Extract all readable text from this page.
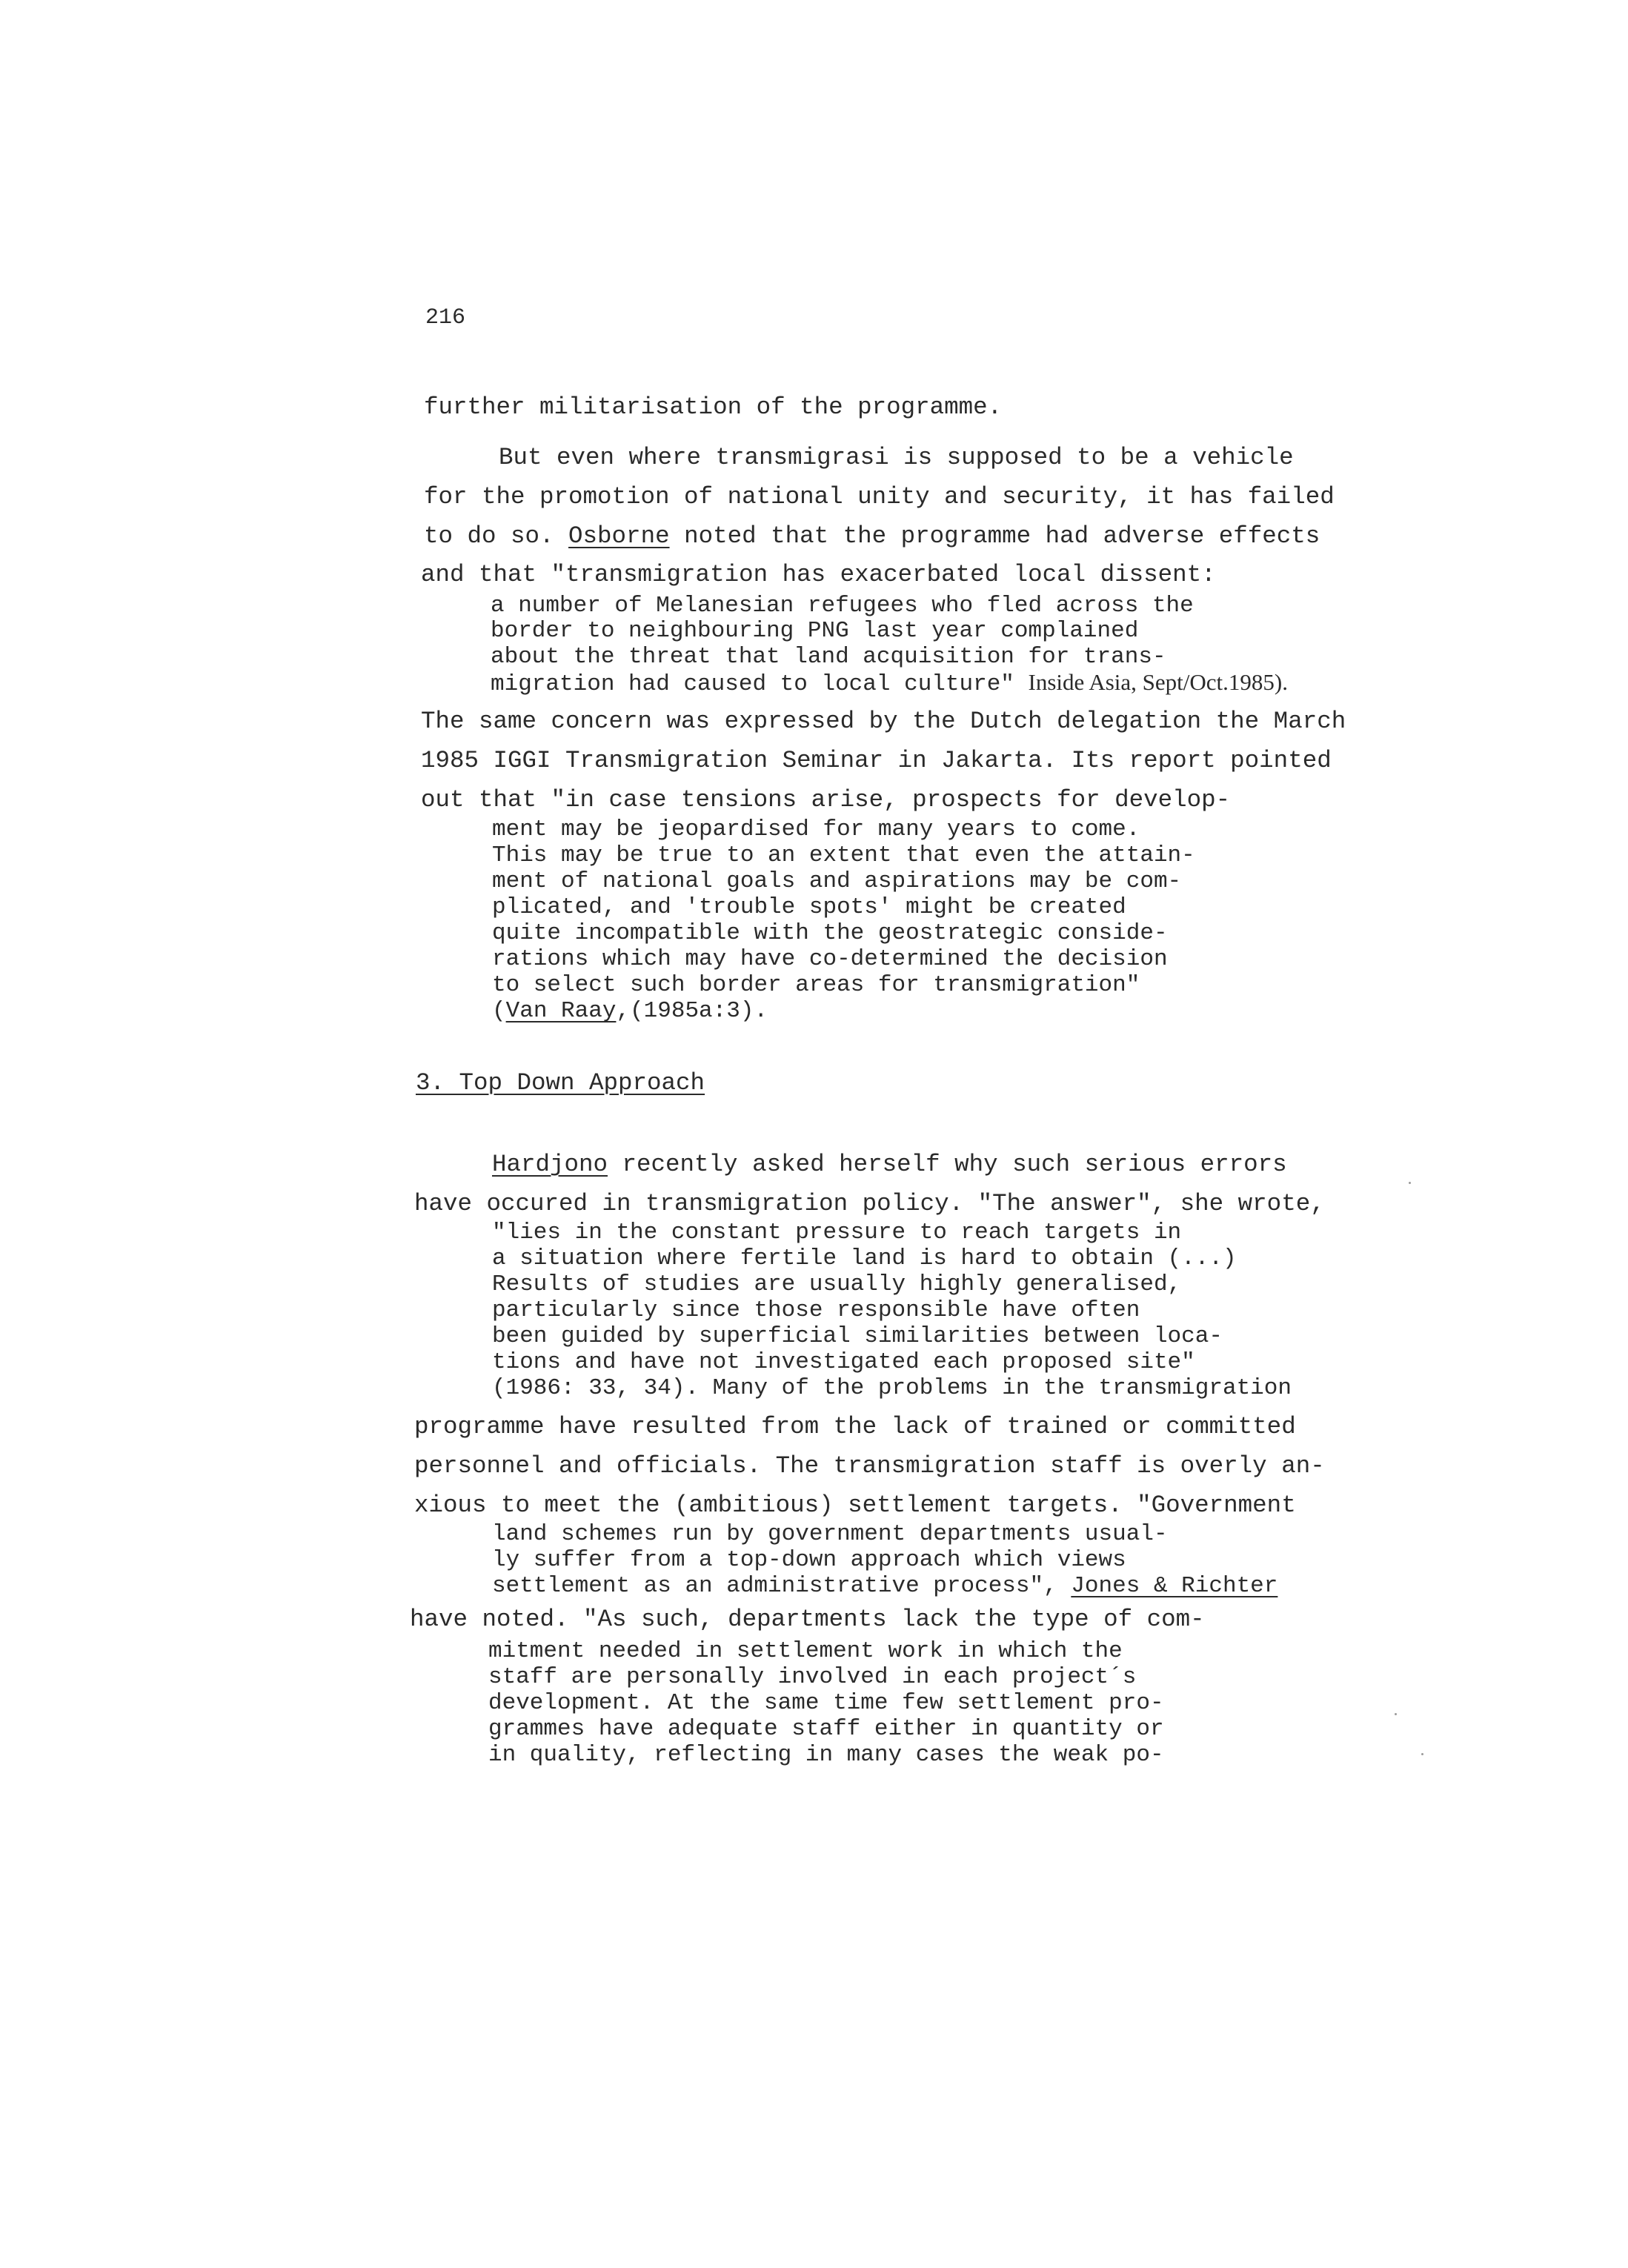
216

further militarisation of the programme.

But even where transmigrasi is supposed to be a vehicle

for the promotion of national unity and security, it has failed

to do so. Osborne noted that the programme had adverse effects

and that "transmigration has exacerbated local dissent:

a number of Melanesian refugees who fled across the

border to neighbouring PNG last year complained

about the threat that land acquisition for trans-

migration had caused to local culture" Inside Asia, Sept/Oct.1985).

The same concern was expressed by the Dutch delegation the March

1985 IGGI Transmigration Seminar in Jakarta. Its report pointed

out that "in case tensions arise, prospects for develop-

ment may be jeopardised for many years to come.

This may be true to an extent that even the attain-

ment of national goals and aspirations may be com-

plicated, and 'trouble spots' might be created

quite incompatible with the geostrategic conside-

rations which may have co-determined the decision

to select such border areas for transmigration"

(Van Raay,(1985a:3).

3. Top Down Approach

Hardjono recently asked herself why such serious errors

have occured in transmigration policy. "The answer", she wrote,

"lies in the constant pressure to reach targets in

a situation where fertile land is hard to obtain (...)

Results of studies are usually highly generalised,

particularly since those responsible have often

been guided by superficial similarities between loca-

tions and have not investigated each proposed site"

(1986: 33, 34). Many of the problems in the transmigration

programme have resulted from the lack of trained or committed

personnel and officials. The transmigration staff is overly an-

xious to meet the (ambitious) settlement targets. "Government

land schemes run by government departments usual-

ly suffer from a top-down approach which views

settlement as an administrative process", Jones & Richter

have noted. "As such, departments lack the type of com-

mitment needed in settlement work in which the

staff are personally involved in each project´s

development. At the same time few settlement pro-

grammes have adequate staff either in quantity or

in quality, reflecting in many cases the weak po-
